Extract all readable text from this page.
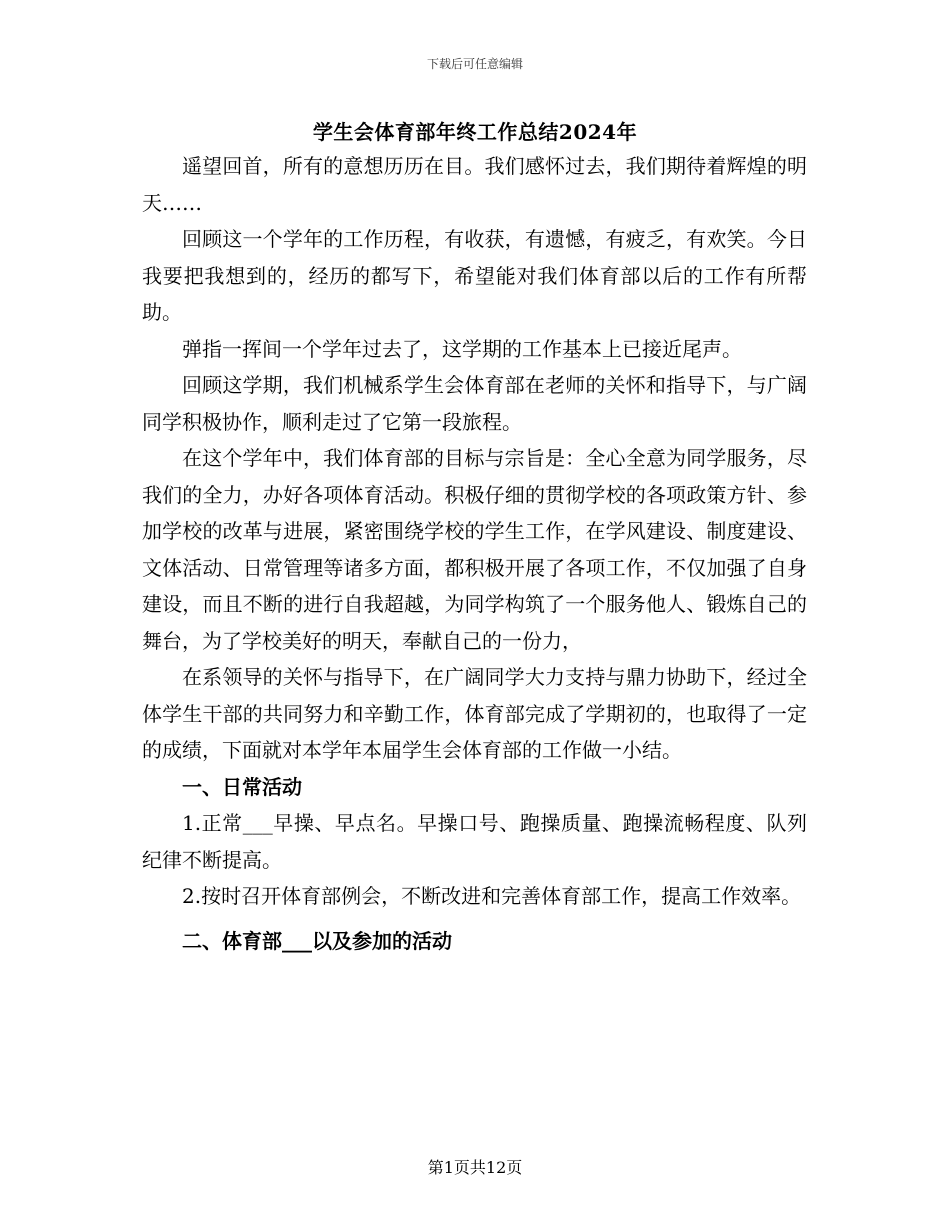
下载后可任意编辑
学生会体育部年终工作总结2024年

遥望回首，所有的意想历历在目。我们感怀过去，我们期待着辉煌的明天……

回顾这一个学年的工作历程，有收获，有遗憾，有疲乏，有欢笑。今日我要把我想到的，经历的都写下，希望能对我们体育部以后的工作有所帮助。

弹指一挥间一个学年过去了，这学期的工作基本上已接近尾声。

回顾这学期，我们机械系学生会体育部在老师的关怀和指导下，与广阔同学积极协作，顺利走过了它第一段旅程。

在这个学年中，我们体育部的目标与宗旨是：全心全意为同学服务，尽我们的全力，办好各项体育活动。积极仔细的贯彻学校的各项政策方针、参加学校的改革与进展，紧密围绕学校的学生工作，在学风建设、制度建设、文体活动、日常管理等诸多方面，都积极开展了各项工作，不仅加强了自身建设，而且不断的进行自我超越，为同学构筑了一个服务他人、锻炼自己的舞台，为了学校美好的明天，奉献自己的一份力，

在系领导的关怀与指导下，在广阔同学大力支持与鼎力协助下，经过全体学生干部的共同努力和辛勤工作，体育部完成了学期初的，也取得了一定的成绩，下面就对本学年本届学生会体育部的工作做一小结。

一、日常活动

1.正常___早操、早点名。早操口号、跑操质量、跑操流畅程度、队列纪律不断提高。

2.按时召开体育部例会，不断改进和完善体育部工作，提高工作效率。

二、体育部___以及参加的活动

第1页共12页
